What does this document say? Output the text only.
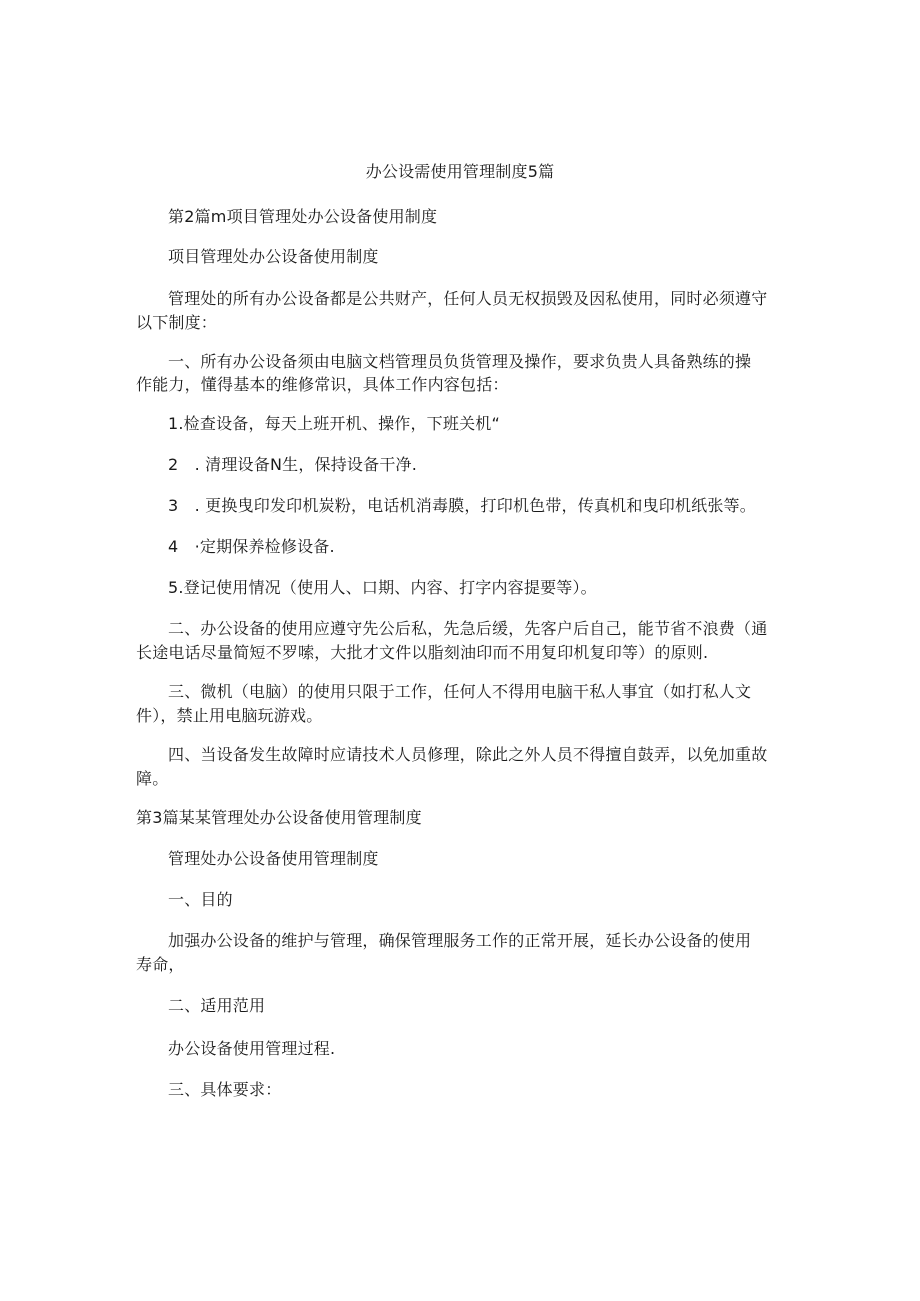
办公设需使用管理制度5篇
第2篇m项目管理处办公设备使用制度
项目管理处办公设备使用制度
管理处的所有办公设备都是公共财产，任何人员无权损毁及因私使用，同时必须遵守
以下制度：
一、所有办公设备须由电脑文档管理员负货管理及操作，要求负贵人具备熟练的操
作能力，懂得基本的维修常识，具体工作内容包括：
1.检查设备，每天上班开机、操作，下班关机“
2　. 清理设备N生，保持设备干净.
3　. 更换曳印发印机炭粉，电话机消毒膜，打印机色带，传真机和曳印机纸张等。
4　·定期保养检修设备.
5.登记使用情况（使用人、口期、内容、打字内容提要等）。
二、办公设备的使用应遵守先公后私，先急后缓，先客户后自己，能节省不浪费（通
长途电话尽量简短不罗嗦，大批才文件以脂刻油印而不用复印机复印等）的原则.
三、微机（电脑）的使用只限于工作，任何人不得用电脑干私人事宜（如打私人文
件），禁止用电脑玩游戏。
四、当设备发生故障时应请技术人员修理，除此之外人员不得擅自鼓弄，以免加重故
障。
第3篇某某管理处办公设备使用管理制度
管理处办公设备使用管理制度
一、目的
加强办公设备的维护与管理，确保管理服务工作的正常开展，延长办公设备的使用
寿命，
二、适用范用
办公设备使用管理过程.
三、具体要求：
